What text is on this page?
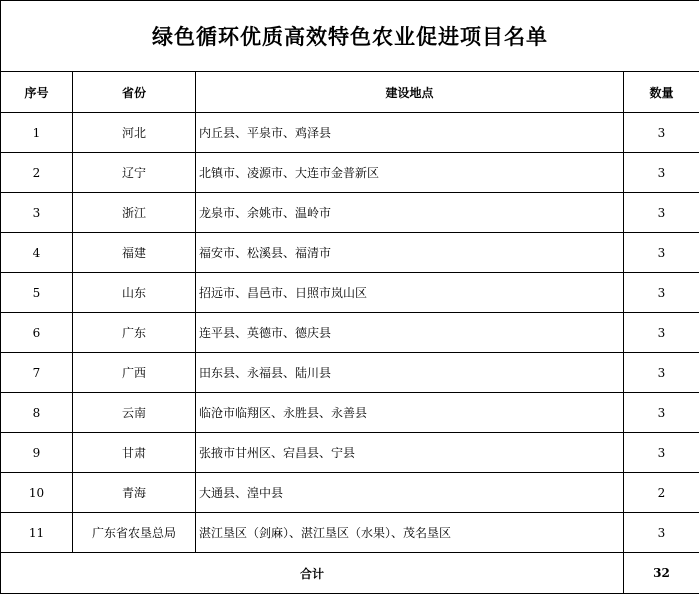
绿色循环优质高效特色农业促进项目名单			
序号	省份	建设地点	数量
1	河北	内丘县、平泉市、鸡泽县	3
2	辽宁	北镇市、凌源市、大连市金普新区	3
3	浙江	龙泉市、余姚市、温岭市	3
4	福建	福安市、松溪县、福清市	3
5	山东	招远市、昌邑市、日照市岚山区	3
6	广东	连平县、英德市、德庆县	3
7	广西	田东县、永福县、陆川县	3
8	云南	临沧市临翔区、永胜县、永善县	3
9	甘肃	张掖市甘州区、宕昌县、宁县	3
10	青海	大通县、湟中县	2
11	广东省农垦总局	湛江垦区（剑麻）、湛江垦区（水果）、茂名垦区	3
合计			32
